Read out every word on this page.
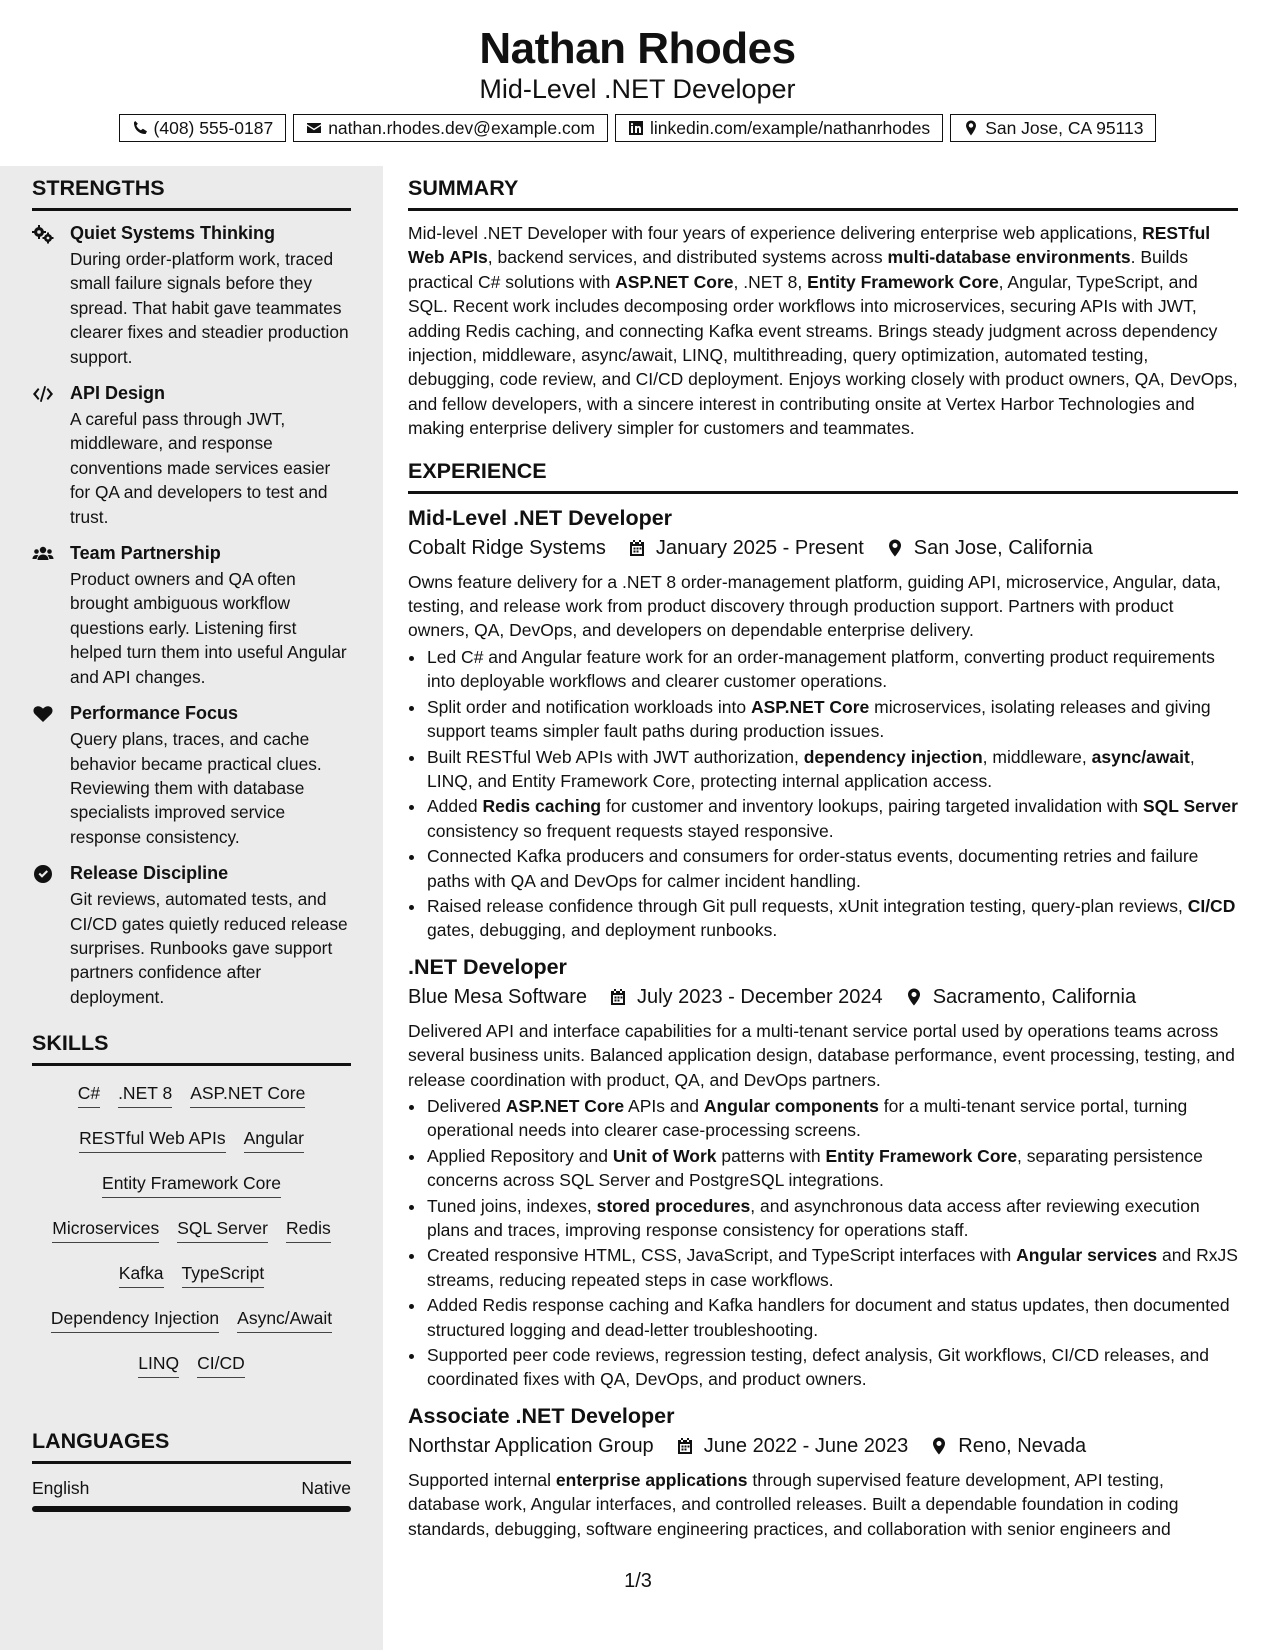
Nathan Rhodes
Mid-Level .NET Developer
(408) 555-0187	nathan.rhodes.dev@example.com	linkedin.com/example/nathanrhodes	San Jose, CA 95113
STRENGTHS
Quiet Systems Thinking

During order-platform work, traced small failure signals before they spread. That habit gave teammates clearer fixes and steadier production support.

API Design

A careful pass through JWT, middleware, and response conventions made services easier for QA and developers to test and trust.

Team Partnership

Product owners and QA often brought ambiguous workflow questions early. Listening first helped turn them into useful Angular and API changes.

Performance Focus

Query plans, traces, and cache behavior became practical clues. Reviewing them with database specialists improved service response consistency.

Release Discipline

Git reviews, automated tests, and CI/CD gates quietly reduced release surprises. Runbooks gave support partners confidence after deployment.

SKILLS
C# .NET 8 ASP.NET Core
RESTful Web APIs Angular
Entity Framework Core
Microservices SQL Server Redis
Kafka TypeScript
Dependency Injection Async/Await
LINQ CI/CD
LANGUAGES
English	Native
SUMMARY

Mid-level .NET Developer with four years of experience delivering enterprise web applications, RESTful Web APIs, backend services, and distributed systems across multi-database environments. Builds practical C# solutions with ASP.NET Core, .NET 8, Entity Framework Core, Angular, TypeScript, and SQL. Recent work includes decomposing order workflows into microservices, securing APIs with JWT, adding Redis caching, and connecting Kafka event streams. Brings steady judgment across dependency injection, middleware, async/await, LINQ, multithreading, query optimization, automated testing, debugging, code review, and CI/CD deployment. Enjoys working closely with product owners, QA, DevOps, and fellow developers, with a sincere interest in contributing onsite at Vertex Harbor Technologies and making enterprise delivery simpler for customers and teammates.

EXPERIENCE
Mid-Level .NET Developer
Cobalt Ridge Systems	January 2025 - Present	San Jose, California

Owns feature delivery for a .NET 8 order-management platform, guiding API, microservice, Angular, data, testing, and release work from product discovery through production support. Partners with product owners, QA, DevOps, and developers on dependable enterprise delivery.

• Led C# and Angular feature work for an order-management platform, converting product requirements into deployable workflows and clearer customer operations.
• Split order and notification workloads into ASP.NET Core microservices, isolating releases and giving support teams simpler fault paths during production issues.
• Built RESTful Web APIs with JWT authorization, dependency injection, middleware, async/await, LINQ, and Entity Framework Core, protecting internal application access.
• Added Redis caching for customer and inventory lookups, pairing targeted invalidation with SQL Server consistency so frequent requests stayed responsive.
• Connected Kafka producers and consumers for order-status events, documenting retries and failure paths with QA and DevOps for calmer incident handling.
• Raised release confidence through Git pull requests, xUnit integration testing, query-plan reviews, CI/CD gates, debugging, and deployment runbooks.
.NET Developer
Blue Mesa Software	July 2023 - December 2024	Sacramento, California

Delivered API and interface capabilities for a multi-tenant service portal used by operations teams across several business units. Balanced application design, database performance, event processing, testing, and release coordination with product, QA, and DevOps partners.

• Delivered ASP.NET Core APIs and Angular components for a multi-tenant service portal, turning operational needs into clearer case-processing screens.
• Applied Repository and Unit of Work patterns with Entity Framework Core, separating persistence concerns across SQL Server and PostgreSQL integrations.
• Tuned joins, indexes, stored procedures, and asynchronous data access after reviewing execution plans and traces, improving response consistency for operations staff.
• Created responsive HTML, CSS, JavaScript, and TypeScript interfaces with Angular services and RxJS streams, reducing repeated steps in case workflows.
• Added Redis response caching and Kafka handlers for document and status updates, then documented structured logging and dead-letter troubleshooting.
• Supported peer code reviews, regression testing, defect analysis, Git workflows, CI/CD releases, and coordinated fixes with QA, DevOps, and product owners.
Associate .NET Developer
Northstar Application Group	June 2022 - June 2023	Reno, Nevada

Supported internal enterprise applications through supervised feature development, API testing, database work, Angular interfaces, and controlled releases. Built a dependable foundation in coding standards, debugging, software engineering practices, and collaboration with senior engineers and

1/3
